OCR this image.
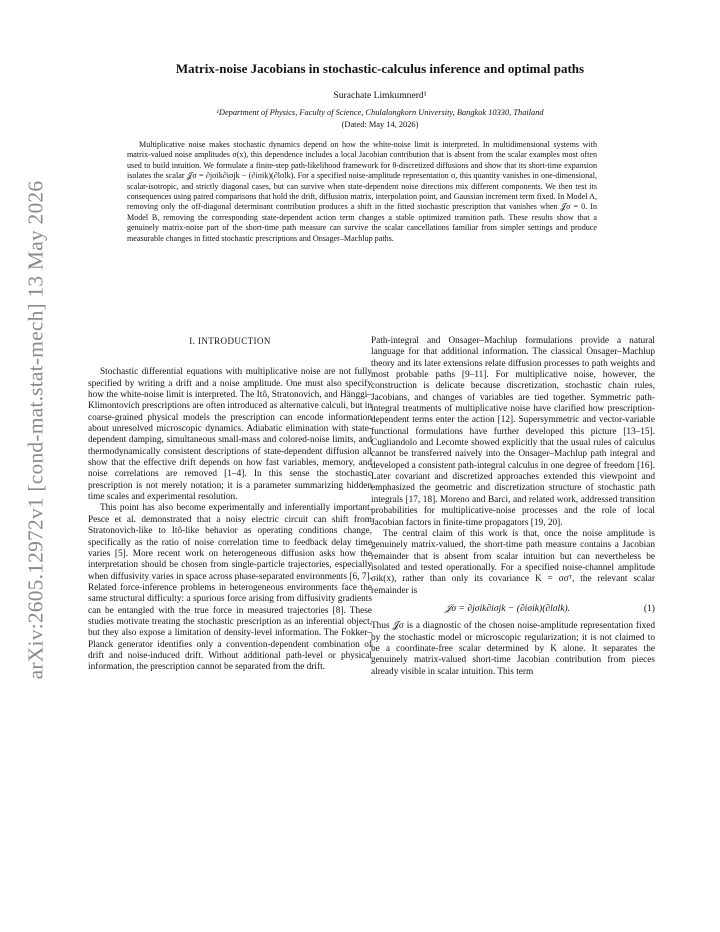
arXiv:2605.12972v1 [cond-mat.stat-mech] 13 May 2026
Matrix-noise Jacobians in stochastic-calculus inference and optimal paths
Surachate Limkumnerd¹
¹Department of Physics, Faculty of Science, Chulalongkorn University, Bangkok 10330, Thailand
(Dated: May 14, 2026)
Multiplicative noise makes stochastic dynamics depend on how the white-noise limit is interpreted. In multidimensional systems with matrix-valued noise amplitudes σ(x), this dependence includes a local Jacobian contribution that is absent from the scalar examples most often used to build intuition. We formulate a finite-step path-likelihood framework for θ-discretized diffusions and show that its short-time expansion isolates the scalar 𝒥σ = ∂jσik∂iσjk − (∂iσik)(∂lσlk). For a specified noise-amplitude representation σ, this quantity vanishes in one-dimensional, scalar-isotropic, and strictly diagonal cases, but can survive when state-dependent noise directions mix different components. We then test its consequences using paired comparisons that hold the drift, diffusion matrix, interpolation point, and Gaussian increment term fixed. In Model A, removing only the off-diagonal determinant contribution produces a shift in the fitted stochastic prescription that vanishes when 𝒥σ = 0. In Model B, removing the corresponding state-dependent action term changes a stable optimized transition path. These results show that a genuinely matrix-noise part of the short-time path measure can survive the scalar cancellations familiar from simpler settings and produce measurable changes in fitted stochastic prescriptions and Onsager–Machlup paths.
I. INTRODUCTION

Stochastic differential equations with multiplicative noise are not fully specified by writing a drift and a noise amplitude. One must also specify how the white-noise limit is interpreted. The Itô, Stratonovich, and Hänggi–Klimontovich prescriptions are often introduced as alternative calculi, but in coarse-grained physical models the prescription can encode information about unresolved microscopic dynamics. Adiabatic elimination with state-dependent damping, simultaneous small-mass and colored-noise limits, and thermodynamically consistent descriptions of state-dependent diffusion all show that the effective drift depends on how fast variables, memory, and noise correlations are removed [1–4]. In this sense the stochastic prescription is not merely notation; it is a parameter summarizing hidden time scales and experimental resolution.

This point has also become experimentally and inferentially important. Pesce et al. demonstrated that a noisy electric circuit can shift from Stratonovich-like to Itô-like behavior as operating conditions change, specifically as the ratio of noise correlation time to feedback delay time varies [5]. More recent work on heterogeneous diffusion asks how the interpretation should be chosen from single-particle trajectories, especially when diffusivity varies in space across phase-separated environments [6, 7]. Related force-inference problems in heterogeneous environments face the same structural difficulty: a spurious force arising from diffusivity gradients can be entangled with the true force in measured trajectories [8]. These studies motivate treating the stochastic prescription as an inferential object, but they also expose a limitation of density-level information. The Fokker–Planck generator identifies only a convention-dependent combination of drift and noise-induced drift. Without additional path-level or physical information, the prescription cannot be separated from the drift.

Path-integral and Onsager–Machlup formulations provide a natural language for that additional information. The classical Onsager–Machlup theory and its later extensions relate diffusion processes to path weights and most probable paths [9–11]. For multiplicative noise, however, the construction is delicate because discretization, stochastic chain rules, Jacobians, and changes of variables are tied together. Symmetric path-integral treatments of multiplicative noise have clarified how prescription-dependent terms enter the action [12]. Supersymmetric and vector-variable functional formulations have further developed this picture [13–15]. Cugliandolo and Lecomte showed explicitly that the usual rules of calculus cannot be transferred naively into the Onsager–Machlup path integral and developed a consistent path-integral calculus in one degree of freedom [16]. Later covariant and discretized approaches extended this viewpoint and emphasized the geometric and discretization structure of stochastic path integrals [17, 18]. Moreno and Barci, and related work, addressed transition probabilities for multiplicative-noise processes and the role of local Jacobian factors in finite-time propagators [19, 20].

The central claim of this work is that, once the noise amplitude is genuinely matrix-valued, the short-time path measure contains a Jacobian remainder that is absent from scalar intuition but can nevertheless be isolated and tested operationally. For a specified noise-channel amplitude σik(x), rather than only its covariance K = σσᵀ, the relevant scalar remainder is

𝒥σ = ∂jσik∂iσjk − (∂iσik)(∂lσlk).	(1)

Thus 𝒥σ is a diagnostic of the chosen noise-amplitude representation fixed by the stochastic model or microscopic regularization; it is not claimed to be a coordinate-free scalar determined by K alone. It separates the genuinely matrix-valued short-time Jacobian contribution from pieces already visible in scalar intuition. This term
